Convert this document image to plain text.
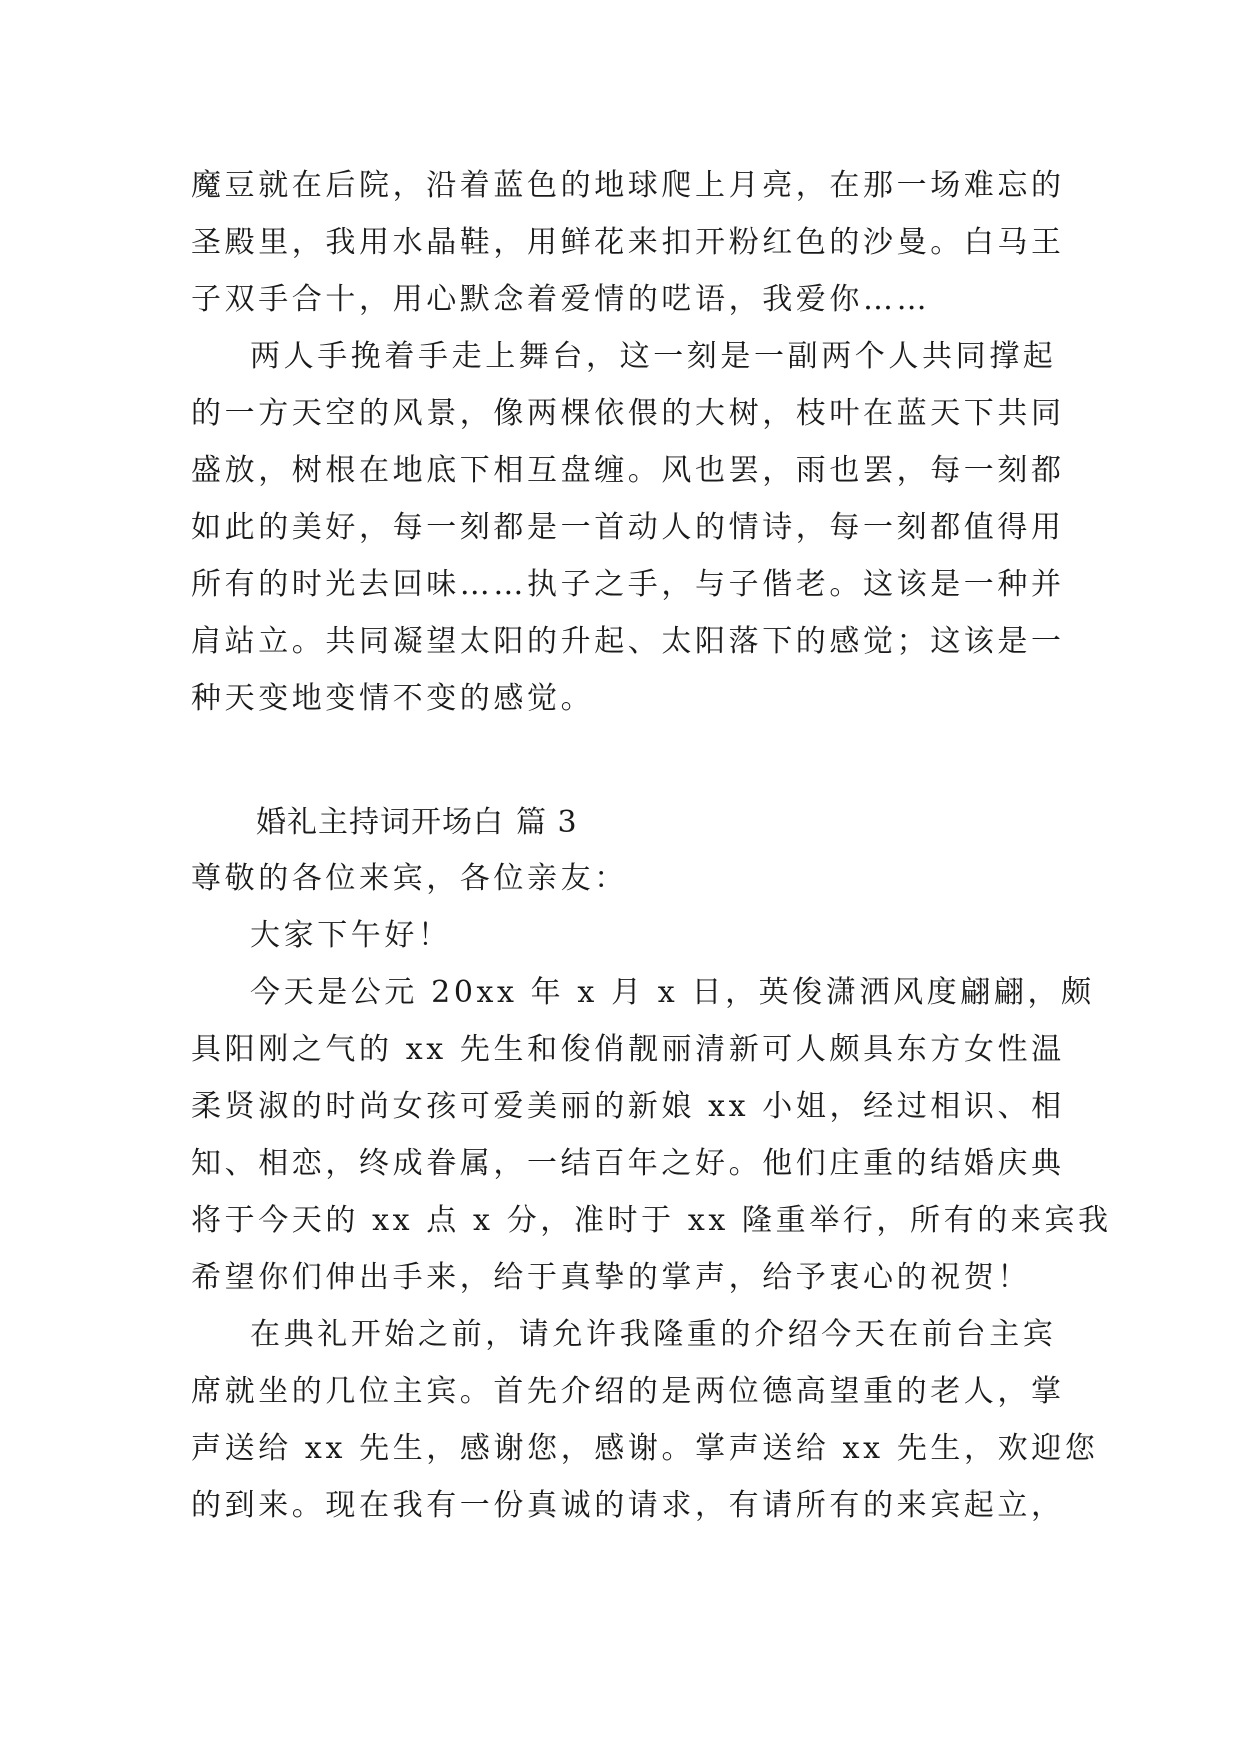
魔豆就在后院，沿着蓝色的地球爬上月亮，在那一场难忘的
圣殿里，我用水晶鞋，用鲜花来扣开粉红色的沙曼。白马王
子双手合十，用心默念着爱情的呓语，我爱你……
两人手挽着手走上舞台，这一刻是一副两个人共同撑起
的一方天空的风景，像两棵依偎的大树，枝叶在蓝天下共同
盛放，树根在地底下相互盘缠。风也罢，雨也罢，每一刻都
如此的美好，每一刻都是一首动人的情诗，每一刻都值得用
所有的时光去回味……执子之手，与子偕老。这该是一种并
肩站立。共同凝望太阳的升起、太阳落下的感觉；这该是一
种天变地变情不变的感觉。
婚礼主持词开场白 篇 3
尊敬的各位来宾，各位亲友：
大家下午好！
今天是公元 20xx 年 x 月 x 日，英俊潇洒风度翩翩，颇
具阳刚之气的 xx 先生和俊俏靓丽清新可人颇具东方女性温
柔贤淑的时尚女孩可爱美丽的新娘 xx 小姐，经过相识、相
知、相恋，终成眷属，一结百年之好。他们庄重的结婚庆典
将于今天的 xx 点 x 分，准时于 xx 隆重举行，所有的来宾我
希望你们伸出手来，给于真挚的掌声，给予衷心的祝贺！
在典礼开始之前，请允许我隆重的介绍今天在前台主宾
席就坐的几位主宾。首先介绍的是两位德高望重的老人，掌
声送给 xx 先生，感谢您，感谢。掌声送给 xx 先生，欢迎您
的到来。现在我有一份真诚的请求，有请所有的来宾起立，
